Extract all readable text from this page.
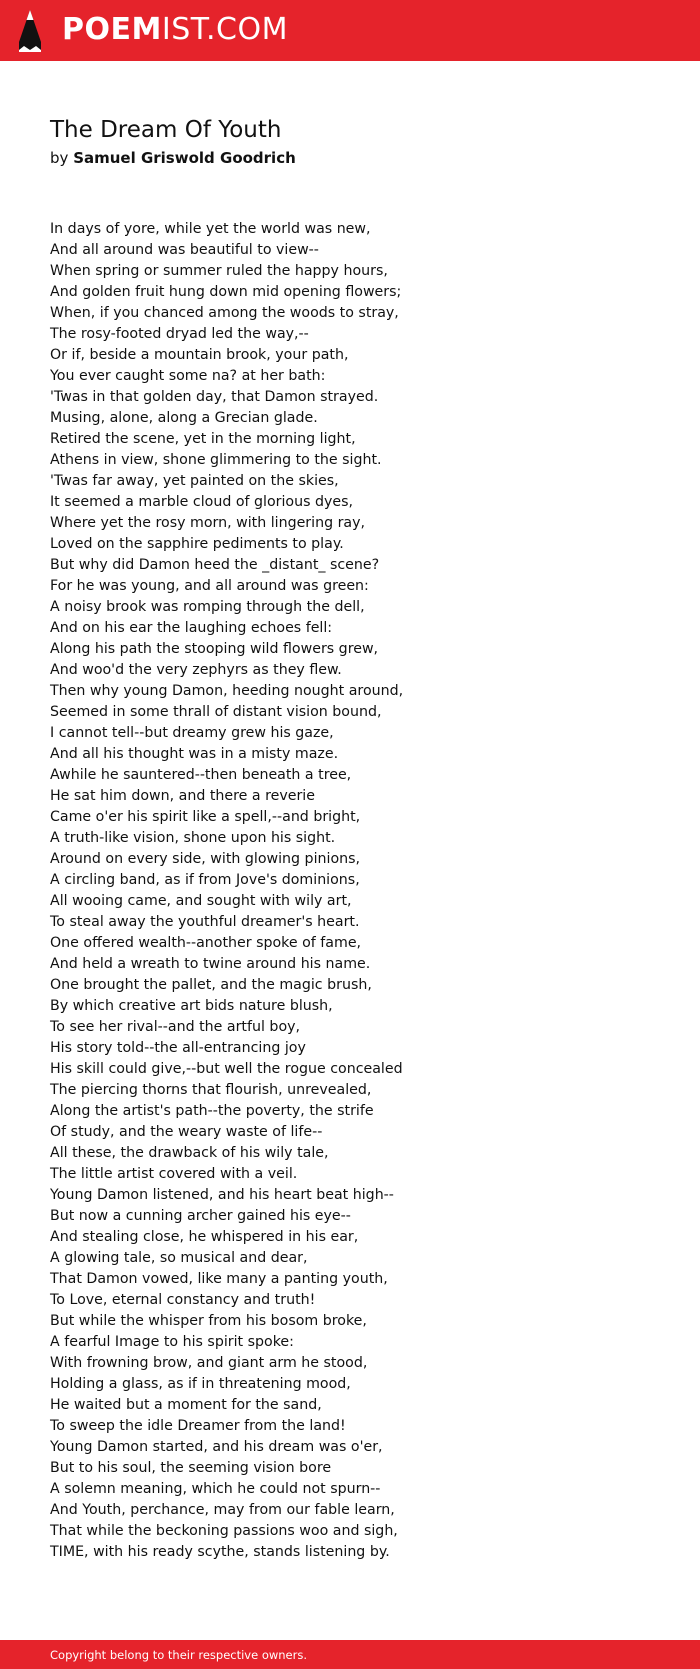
POEMIST.COM
The Dream Of Youth
by Samuel Griswold Goodrich
In days of yore, while yet the world was new,
And all around was beautiful to view--
When spring or summer ruled the happy hours,
And golden fruit hung down mid opening flowers;
When, if you chanced among the woods to stray,
The rosy-footed dryad led the way,--
Or if, beside a mountain brook, your path,
You ever caught some na? at her bath:
'Twas in that golden day, that Damon strayed.
Musing, alone, along a Grecian glade.
Retired the scene, yet in the morning light,
Athens in view, shone glimmering to the sight.
'Twas far away, yet painted on the skies,
It seemed a marble cloud of glorious dyes,
Where yet the rosy morn, with lingering ray,
Loved on the sapphire pediments to play.
But why did Damon heed the _distant_ scene?
For he was young, and all around was green:
A noisy brook was romping through the dell,
And on his ear the laughing echoes fell:
Along his path the stooping wild flowers grew,
And woo'd the very zephyrs as they flew.
Then why young Damon, heeding nought around,
Seemed in some thrall of distant vision bound,
I cannot tell--but dreamy grew his gaze,
And all his thought was in a misty maze.
Awhile he sauntered--then beneath a tree,
He sat him down, and there a reverie
Came o'er his spirit like a spell,--and bright,
A truth-like vision, shone upon his sight.
Around on every side, with glowing pinions,
A circling band, as if from Jove's dominions,
All wooing came, and sought with wily art,
To steal away the youthful dreamer's heart.
One offered wealth--another spoke of fame,
And held a wreath to twine around his name.
One brought the pallet, and the magic brush,
By which creative art bids nature blush,
To see her rival--and the artful boy,
His story told--the all-entrancing joy
His skill could give,--but well the rogue concealed
The piercing thorns that flourish, unrevealed,
Along the artist's path--the poverty, the strife
Of study, and the weary waste of life--
All these, the drawback of his wily tale,
The little artist covered with a veil.
Young Damon listened, and his heart beat high--
But now a cunning archer gained his eye--
And stealing close, he whispered in his ear,
A glowing tale, so musical and dear,
That Damon vowed, like many a panting youth,
To Love, eternal constancy and truth!
But while the whisper from his bosom broke,
A fearful Image to his spirit spoke:
With frowning brow, and giant arm he stood,
Holding a glass, as if in threatening mood,
He waited but a moment for the sand,
To sweep the idle Dreamer from the land!
Young Damon started, and his dream was o'er,
But to his soul, the seeming vision bore
A solemn meaning, which he could not spurn--
And Youth, perchance, may from our fable learn,
That while the beckoning passions woo and sigh,
TIME, with his ready scythe, stands listening by.
Copyright belong to their respective owners.
